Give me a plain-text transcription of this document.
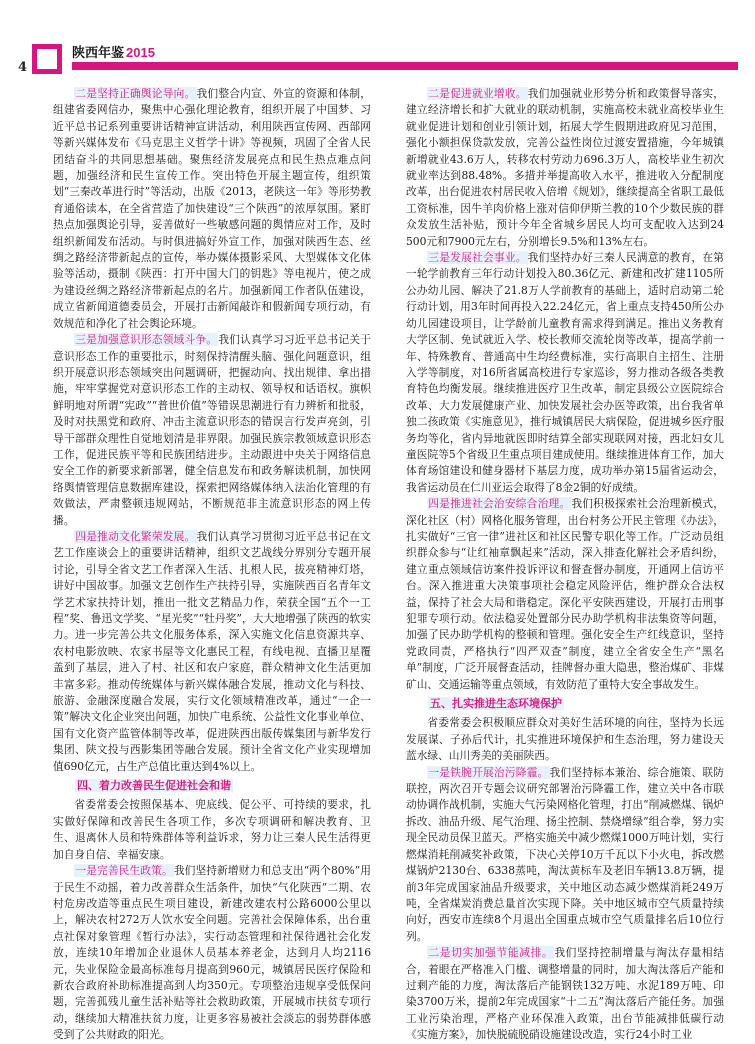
4
陕西年鉴 2015

二是坚持正确舆论导向。我们整合内宣、外宣的资源和体制，组建省委网信办，聚焦中心强化理论教育，组织开展了中国梦、习近平总书记系列重要讲话精神宣讲活动，利用陕西宣传网、西部网等新兴媒体发布《马克思主义哲学十讲》等视频，巩固了全省人民团结奋斗的共同思想基础。聚焦经济发展亮点和民生热点难点问题，加强经济和民生宣传工作。突出特色开展主题宣传，组织策划“三秦改革进行时”等活动，出版《2013，老陕这一年》等形势教育通俗读本，在全省营造了加快建设“三个陕西”的浓厚氛围。紧盯热点加强舆论引导，妥善做好一些敏感问题的舆情应对工作，及时组织新闻发布活动。与时俱进搞好外宣工作，加强对陕西生态、丝绸之路经济带新起点的宣传，举办媒体摄影采风、大型媒体文化体验等活动，摄制《陕西：打开中国大门的钥匙》等电视片，使之成为建设丝绸之路经济带新起点的名片。加强新闻工作者队伍建设，成立省新闻道德委员会，开展打击新闻敲诈和假新闻专项行动，有效规范和净化了社会舆论环境。

三是加强意识形态领域斗争。我们认真学习习近平总书记关于意识形态工作的重要批示，时刻保持清醒头脑、强化问题意识，组织开展意识形态领域突出问题调研，把握动向、找出规律、拿出措施，牢牢掌握党对意识形态工作的主动权、领导权和话语权。旗帜鲜明地对所谓“宪政”“普世价值”等错误思潮进行有力辨析和批驳，及时对扶黑党和政府、冲击主流意识形态的错误言行发声亮剑，引导干部群众理性自觉地划清是非界限。加强民族宗教领域意识形态工作，促进民族平等和民族团结进步。主动跟进中央关于网络信息安全工作的新要求新部署，健全信息发布和政务解读机制，加快网络舆情管理信息数据库建设，探索把网络媒体纳入法治化管理的有效做法，严肃整顿违规网站，不断规范非主流意识形态的网上传播。

四是推动文化繁荣发展。我们认真学习贯彻习近平总书记在文艺工作座谈会上的重要讲话精神，组织文艺战线分界别分专题开展讨论，引导全省文艺工作者深入生活、扎根人民，拔亮精神灯塔，讲好中国故事。加强文艺创作生产扶持引导，实施陕西百名青年文学艺术家扶持计划，推出一批文艺精品力作，荣获全国“五个一工程”奖、鲁迅文学奖、“星光奖”“牡丹奖”，大大地增强了陕西的软实力。进一步完善公共文化服务体系，深入实施文化信息资源共享、农村电影放映、农家书屋等文化惠民工程，有线电视、直播卫星覆盖到了基层，进入了村、社区和农户家庭，群众精神文化生活更加丰富多彩。推动传统媒体与新兴媒体融合发展，推动文化与科技、旅游、金融深度融合发展，实行文化领域精准改革，通过“一企一策”解决文化企业突出问题，加快广电系统、公益性文化事业单位、国有文化资产监管体制等改革，促进陕西出版传媒集团与新华发行集团、陕文投与西影集团等融合发展。预计全省文化产业实现增加值690亿元，占生产总值比重达到4%以上。

四、着力改善民生促进社会和谐

省委常委会按照保基本、兜底线、促公平、可持续的要求，扎实做好保障和改善民生各项工作，多次专项调研和解决教育、卫生、退离休人员和特殊群体等利益诉求，努力让三秦人民生活得更加自身自信、幸福安康。

一是完善民生政策。我们坚持新增财力和总支出“两个80%”用于民生不动摇，着力改善群众生活条件，加快“气化陕西”二期、农村危房改造等重点民生项目建设，新建改建农村公路6000公里以上，解决农村272万人饮水安全问题。完善社会保障体系，出台重点社保对象管理《暂行办法》，实行动态管理和社保待遇社会化发放，连续10年增加企业退休人员基本养老金，达到月人均2116元，失业保险金最高标准每月提高到960元，城镇居民医疗保险和新农合政府补助标准提高到人均350元。专项整治违规享受低保问题，完善孤残儿童生活补贴等社会救助政策，开展城市扶贫专项行动，继续加大精准扶贫力度，让更多容易被社会淡忘的弱势群体感受到了公共财政的阳光。

二是促进就业增收。我们加强就业形势分析和政策督导落实，建立经济增长和扩大就业的联动机制，实施高校未就业高校毕业生就业促进计划和创业引领计划，拓展大学生假期进政府见习范围，强化小额担保贷款发放，完善公益性岗位过渡安置措施，今年城镇新增就业43.6万人，转移农村劳动力696.3万人，高校毕业生初次就业率达到88.48%。多措并举提高收入水平，推进收入分配制度改革，出台促进农村居民收入倍增《规划》，继续提高全省职工最低工资标准，因牛羊肉价格上涨对信仰伊斯兰教的10个少数民族的群众发放生活补贴，预计今年全省城乡居民人均可支配收入达到24 500元和7900元左右，分别增长9.5%和13%左右。

三是发展社会事业。我们坚持办好三秦人民满意的教育，在第一轮学前教育三年行动计划投入80.36亿元、新建和改扩建1105所公办幼儿园、解决了21.8万人学前教育的基础上，适时启动第二轮行动计划，用3年时间再投入22.24亿元，省上重点支持450所公办幼儿园建设项目，让学龄前儿童教育需求得到满足。推出义务教育大学区制、免试就近入学、校长教师交流轮岗等改革，提高学前一年、特殊教育、普通高中生均经费标准，实行高职自主招生、注册入学等制度，对16所省属高校进行专家巡诊，努力推动各级各类教育特色均衡发展。继续推进医疗卫生改革，制定县级公立医院综合改革、大力发展健康产业、加快发展社会办医等政策，出台我省单独二孩政策《实施意见》，推行城镇居民大病保险，促进城乡医疗服务均等化，省内异地就医即时结算全部实现联网对接，西北妇女儿童医院等5个省级卫生重点项目建成使用。继续推进体育工作，加大体育场馆建设和健身器材下基层力度，成功举办第15届省运动会，我省运动员在仁川亚运会取得了8金2铜的好成绩。

四是推进社会治安综合治理。我们积极探索社会治理新模式，深化社区（村）网格化服务管理，出台村务公开民主管理《办法》，扎实做好“三官一律”进社区和社区民警专职化等工作。广泛动员组织群众参与“让红袖章飘起来”活动，深入排查化解社会矛盾纠纷，建立重点领域信访案件投诉评议和督查督办制度，开通网上信访平台。深入推进重大决策事项社会稳定风险评估，维护群众合法权益，保持了社会大局和谐稳定。深化平安陕西建设，开展打击刑事犯罪专项行动。依法稳妥处置部分民办助学机构非法集资等问题，加强了民办助学机构的整顿和管理。强化安全生产红线意识，坚持党政同责，严格执行“四严双查”制度，建立全省安全生产“黑名单”制度，广泛开展督查活动，挂牌督办重大隐患，整治煤矿、非煤矿山、交通运输等重点领域，有效防范了重特大安全事故发生。

五、扎实推进生态环境保护

省委常委会积极顺应群众对美好生活环境的向往，坚持为长远发展谋、子孙后代计，扎实推进环境保护和生态治理，努力建设天蓝水绿、山川秀美的美丽陕西。

一是铁腕开展治污降霾。我们坚持标本兼治、综合施策、联防联控，两次召开专题会议研究部署治污降霾工作，建立关中各市联动协调作战机制，实施大气污染网格化管理，打出“削减燃煤、锅炉拆改、油品升级、尾气治理、扬尘控制、禁烧增绿”组合拳，努力实现全民动员保卫蓝天。严格实施关中减少燃煤1000万吨计划，实行燃煤消耗削减奖补政策，下决心关停10万千瓦以下小火电，拆改燃煤锅炉2130台、6338蒸吨，淘汰黄标车及老旧车辆13.8万辆，提前3年完成国家油品升级要求，关中地区动态减少燃煤消耗249万吨，全省煤炭消费总量首次实现下降。关中地区城市空气质量持续向好，西安市连续8个月退出全国重点城市空气质量排名后10位行列。

二是切实加强节能减排。我们坚持控制增量与淘汰存量相结合，着眼在严格准入门槛、调整增量的同时，加大淘汰落后产能和过剩产能的力度，淘汰落后产能钢铁132万吨、水泥189万吨、印染3700万米，提前2年完成国家“十二五”淘汰落后产能任务。加强工业污染治理，严格产业环保准入政策，出台节能减排低碳行动《实施方案》，加快脱硫脱硝设施建设改造，实行24小时工业
